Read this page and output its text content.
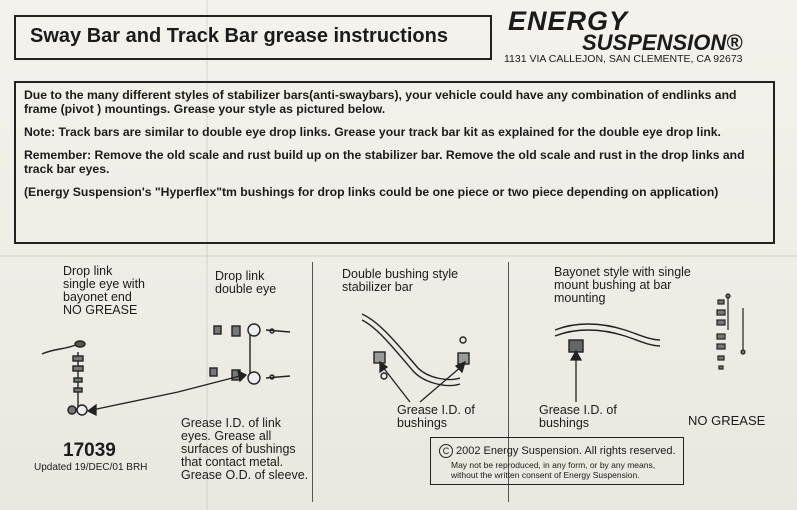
Sway Bar and Track Bar grease instructions ENERGY
SUSPENSION®
1131 VIA CALLEJON, SAN CLEMENTE, CA 92673

Due to the many different styles of stabilizer bars(anti-swaybars), your vehicle could have any combination of endlinks and frame (pivot ) mountings. Grease your style as pictured below.

Note: Track bars are similar to double eye drop links. Grease your track bar kit as explained for the double eye drop link.

Remember: Remove the old scale and rust build up on the stabilizer bar. Remove the old scale and rust in the drop links and track bar eyes.

(Energy Suspension's "Hyperflex"tm bushings for drop links could be one piece or two piece depending on application)

Drop link
single eye with
bayonet end
NO GREASE
Drop link
double eye
Double bushing style
stabilizer bar
Bayonet style with single
mount bushing at bar
mounting
Grease I.D. of link
eyes. Grease all
surfaces of bushings
that contact metal.
Grease O.D. of sleeve.
Grease I.D. of
bushings
Grease I.D. of
bushings	NO GREASE
17039
Updated 19/DEC/01 BRH
C 2002 Energy Suspension. All rights reserved.
May not be reproduced, in any form, or by any means,
without the written consent of Energy Suspension.
